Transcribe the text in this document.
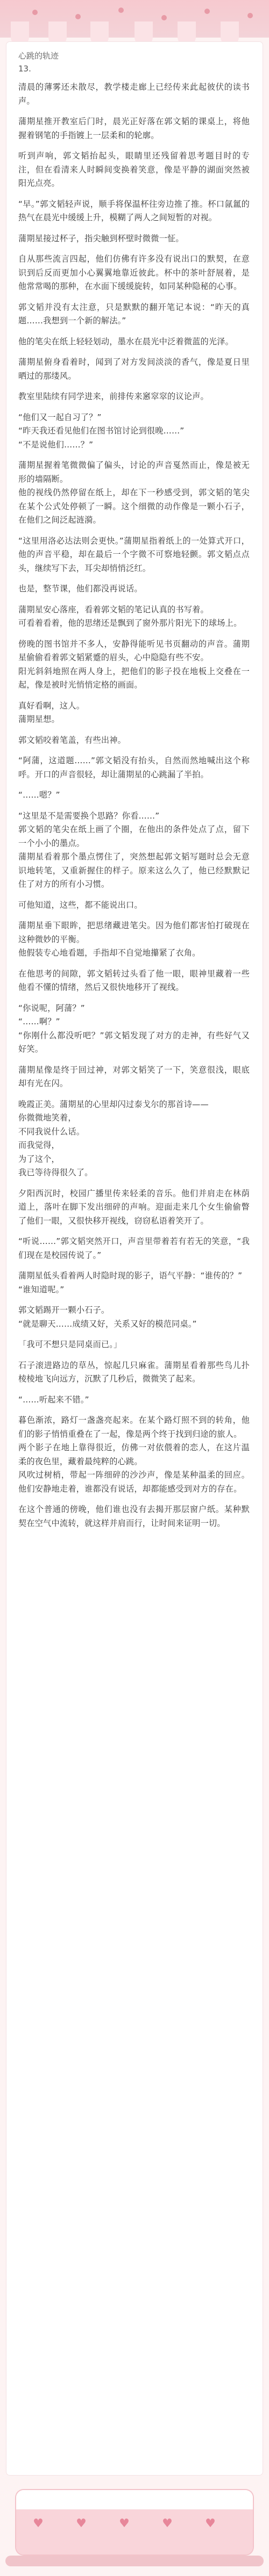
心跳的轨迹

13.

清晨的薄雾还未散尽，教学楼走廊上已经传来此起彼伏的读书声。

蒲期星推开教室后门时，晨光正好落在郭文韬的课桌上，将他握着钢笔的手指镀上一层柔和的轮廓。

听到声响，郭文韬抬起头，眼睛里还残留着思考题目时的专注，但在看清来人时瞬间变换着笑意，像是平静的湖面突然被阳光点亮。

“早。”郭文韬轻声说，顺手将保温杯往旁边推了推。杯口氤氲的热气在晨光中缓缓上升，模糊了两人之间短暂的对视。

蒲期星接过杯子，指尖触到杯壁时微微一怔。

自从那些流言四起，他们仿佛有许多没有说出口的默契，在意识到后反而更加小心翼翼地靠近彼此。杯中的茶叶舒展着，是他常常喝的那种，在水面下缓缓旋转，如同某种隐秘的心事。

郭文韬并没有太注意，只是默默的翻开笔记本说：“昨天的真题……我想到一个新的解法。”

他的笔尖在纸上轻轻划动，墨水在晨光中泛着微蓝的光泽。

蒲期星俯身看着时，闻到了对方发间淡淡的香气，像是夏日里晒过的那缕风。

教室里陆续有同学进来，前排传来窸窣窣的议论声。

“他们又一起自习了？”
“昨天我还看见他们在图书馆讨论到很晚……”
“不是说他们……？”

蒲期星握着笔微微偏了偏头，讨论的声音戛然而止，像是被无形的墙隔断。
他的视线仍然停留在纸上，却在下一秒感受到，郭文韬的笔尖在某个公式处停顿了一瞬。这个细微的动作像是一颗小石子，在他们之间泛起涟漪。

“这里用洛必达法则会更快。”蒲期星指着纸上的一处算式开口，他的声音平稳，却在最后一个字微不可察地轻颤。郭文韬点点头，继续写下去，耳尖却悄悄泛红。

也是，整节课，他们都没再说话。

蒲期星安心落座，看着郭文韬的笔记认真的书写着。
可看着看着，他的思绪还是飘到了窗外那片阳光下的球场上。

傍晚的图书馆并不多人，安静得能听见书页翻动的声音。蒲期星偷偷看着郭文韬紧蹙的眉头，心中隐隐有些不安。
阳光斜斜地照在两人身上，把他们的影子投在地板上交叠在一起，像是被时光悄悄定格的画面。

真好看啊，这人。
蒲期星想。

郭文韬咬着笔盖，有些出神。

“阿蒲，这道题……”郭文韬没有抬头，自然而然地喊出这个称呼。开口的声音很轻，却让蒲期星的心跳漏了半拍。

“……嗯？”

“这里是不是需要换个思路？你看……”
郭文韬的笔尖在纸上画了个圈，在他出的条件处点了点，留下一个小小的墨点。
蒲期星看着那个墨点愣住了，突然想起郭文韬写题时总会无意识地转笔，又重新握住的样子。原来这么久了，他已经默默记住了对方的所有小习惯。

可他知道，这些，都不能说出口。

蒲期星垂下眼眸，把思绪藏进笔尖。因为他们都害怕打破现在这种微妙的平衡。
他假装专心地看题，手指却不自觉地攥紧了衣角。

在他思考的间隙，郭文韬转过头看了他一眼，眼神里藏着一些他看不懂的情绪，然后又很快地移开了视线。

“你说呢，阿蒲？”
“……啊？”
“你刚什么都没听吧？”郭文韬发现了对方的走神，有些好气又好笑。

蒲期星像是终于回过神，对郭文韬笑了一下，笑意很浅，眼底却有光在闪。

晚霞正美。蒲期星的心里却闪过泰戈尔的那首诗——
你微微地笑着，
不同我说什么话。
而我觉得，
为了这个，
我已等待得很久了。

夕阳西沉时，校园广播里传来轻柔的音乐。他们并肩走在林荫道上，落叶在脚下发出细碎的声响。迎面走来几个女生偷偷瞥了他们一眼，又很快移开视线，窃窃私语着笑开了。

“听说……”郭文韬突然开口，声音里带着若有若无的笑意，“我们现在是校园传说了。”

蒲期星低头看着两人时隐时现的影子，语气平静：“谁传的？”
“谁知道呢。”

郭文韬踢开一颗小石子。
“就是聊天……成绩又好，关系又好的模范同桌。”

「我可不想只是同桌而已。」

石子滚进路边的草丛，惊起几只麻雀。蒲期星看着那些鸟儿扑棱棱地飞向远方，沉默了几秒后，微微笑了起来。

“……听起来不错。”

暮色渐浓，路灯一盏盏亮起来。在某个路灯照不到的转角，他们的影子悄悄重叠在了一起，像是两个终于找到归途的旅人。
两个影子在地上靠得很近，仿佛一对依偎着的恋人，在这片温柔的夜色里，藏着最纯粹的心跳。
风吹过树梢，带起一阵细碎的沙沙声，像是某种温柔的回应。他们安静地走着，谁都没有说话，却都能感受到对方的存在。

在这个普通的傍晚，他们谁也没有去揭开那层窗户纸。某种默契在空气中流转，就这样并肩而行，让时间来证明一切。

♥	♥	♥	♥	♥
